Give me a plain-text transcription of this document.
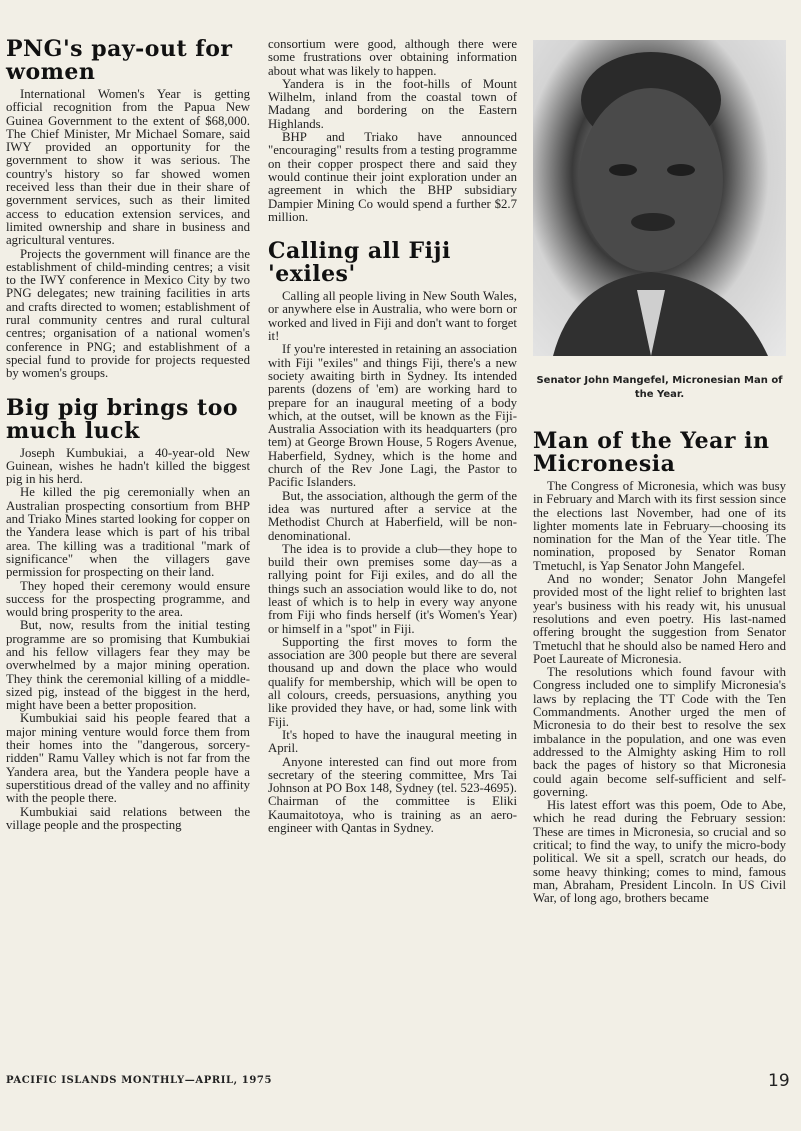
PNG's pay-out for women

International Women's Year is getting official recognition from the Papua New Guinea Government to the extent of $68,000. The Chief Minister, Mr Michael Somare, said IWY provided an opportunity for the government to show it was serious. The country's history so far showed women received less than their due in their share of government services, such as their limited access to education extension services, and limited ownership and share in business and agricultural ventures.

Projects the government will finance are the establishment of child-minding centres; a visit to the IWY conference in Mexico City by two PNG delegates; new training facilities in arts and crafts directed to women; establishment of rural community centres and rural cultural centres; organisation of a national women's conference in PNG; and establishment of a special fund to provide for projects requested by women's groups.

Big pig brings too much luck

Joseph Kumbukiai, a 40-year-old New Guinean, wishes he hadn't killed the biggest pig in his herd.

He killed the pig ceremonially when an Australian prospecting consortium from BHP and Triako Mines started looking for copper on the Yandera lease which is part of his tribal area. The killing was a traditional "mark of significance" when the villagers gave permission for prospecting on their land.

They hoped their ceremony would ensure success for the prospecting programme, and would bring prosperity to the area.

But, now, results from the initial testing programme are so promising that Kumbukiai and his fellow villagers fear they may be overwhelmed by a major mining operation. They think the ceremonial killing of a middle-sized pig, instead of the biggest in the herd, might have been a better proposition.

Kumbukiai said his people feared that a major mining venture would force them from their homes into the "dangerous, sorcery-ridden" Ramu Valley which is not far from the Yandera area, but the Yandera people have a superstitious dread of the valley and no affinity with the people there.

Kumbukiai said relations between the village people and the prospecting

consortium were good, although there were some frustrations over obtaining information about what was likely to happen.

Yandera is in the foot-hills of Mount Wilhelm, inland from the coastal town of Madang and bordering on the Eastern Highlands.

BHP and Triako have announced "encouraging" results from a testing programme on their copper prospect there and said they would continue their joint exploration under an agreement in which the BHP subsidiary Dampier Mining Co would spend a further $2.7 million.

Calling all Fiji 'exiles'

Calling all people living in New South Wales, or anywhere else in Australia, who were born or worked and lived in Fiji and don't want to forget it!

If you're interested in retaining an association with Fiji "exiles" and things Fiji, there's a new society awaiting birth in Sydney. Its intended parents (dozens of 'em) are working hard to prepare for an inaugural meeting of a body which, at the outset, will be known as the Fiji-Australia Association with its headquarters (pro tem) at George Brown House, 5 Rogers Avenue, Haberfield, Sydney, which is the home and church of the Rev Jone Lagi, the Pastor to Pacific Islanders.

But, the association, although the germ of the idea was nurtured after a service at the Methodist Church at Haberfield, will be non-denominational.

The idea is to provide a club—they hope to build their own premises some day—as a rallying point for Fiji exiles, and do all the things such an association would like to do, not least of which is to help in every way anyone from Fiji who finds herself (it's Women's Year) or himself in a "spot" in Fiji.

Supporting the first moves to form the association are 300 people but there are several thousand up and down the place who would qualify for membership, which will be open to all colours, creeds, persuasions, anything you like provided they have, or had, some link with Fiji.

It's hoped to have the inaugural meeting in April.

Anyone interested can find out more from secretary of the steering committee, Mrs Tai Johnson at PO Box 148, Sydney (tel. 523-4695). Chairman of the committee is Eliki Kaumaitotoya, who is training as an aero-engineer with Qantas in Sydney.

Senator John Mangefel, Micronesian Man of the Year.
Man of the Year in Micronesia

The Congress of Micronesia, which was busy in February and March with its first session since the elections last November, had one of its lighter moments late in February—choosing its nomination for the Man of the Year title. The nomination, proposed by Senator Roman Tmetuchl, is Yap Senator John Mangefel.

And no wonder; Senator John Mangefel provided most of the light relief to brighten last year's business with his ready wit, his unusual resolutions and even poetry. His last-named offering brought the suggestion from Senator Tmetuchl that he should also be named Hero and Poet Laureate of Micronesia.

The resolutions which found favour with Congress included one to simplify Micronesia's laws by replacing the TT Code with the Ten Commandments. Another urged the men of Micronesia to do their best to resolve the sex imbalance in the population, and one was even addressed to the Almighty asking Him to roll back the pages of history so that Micronesia could again become self-sufficient and self-governing.

His latest effort was this poem, Ode to Abe, which he read during the February session: These are times in Micronesia, so crucial and so critical; to find the way, to unify the micro-body political. We sit a spell, scratch our heads, do some heavy thinking; comes to mind, famous man, Abraham, President Lincoln. In US Civil War, of long ago, brothers became

PACIFIC ISLANDS MONTHLY—APRIL, 1975	19
